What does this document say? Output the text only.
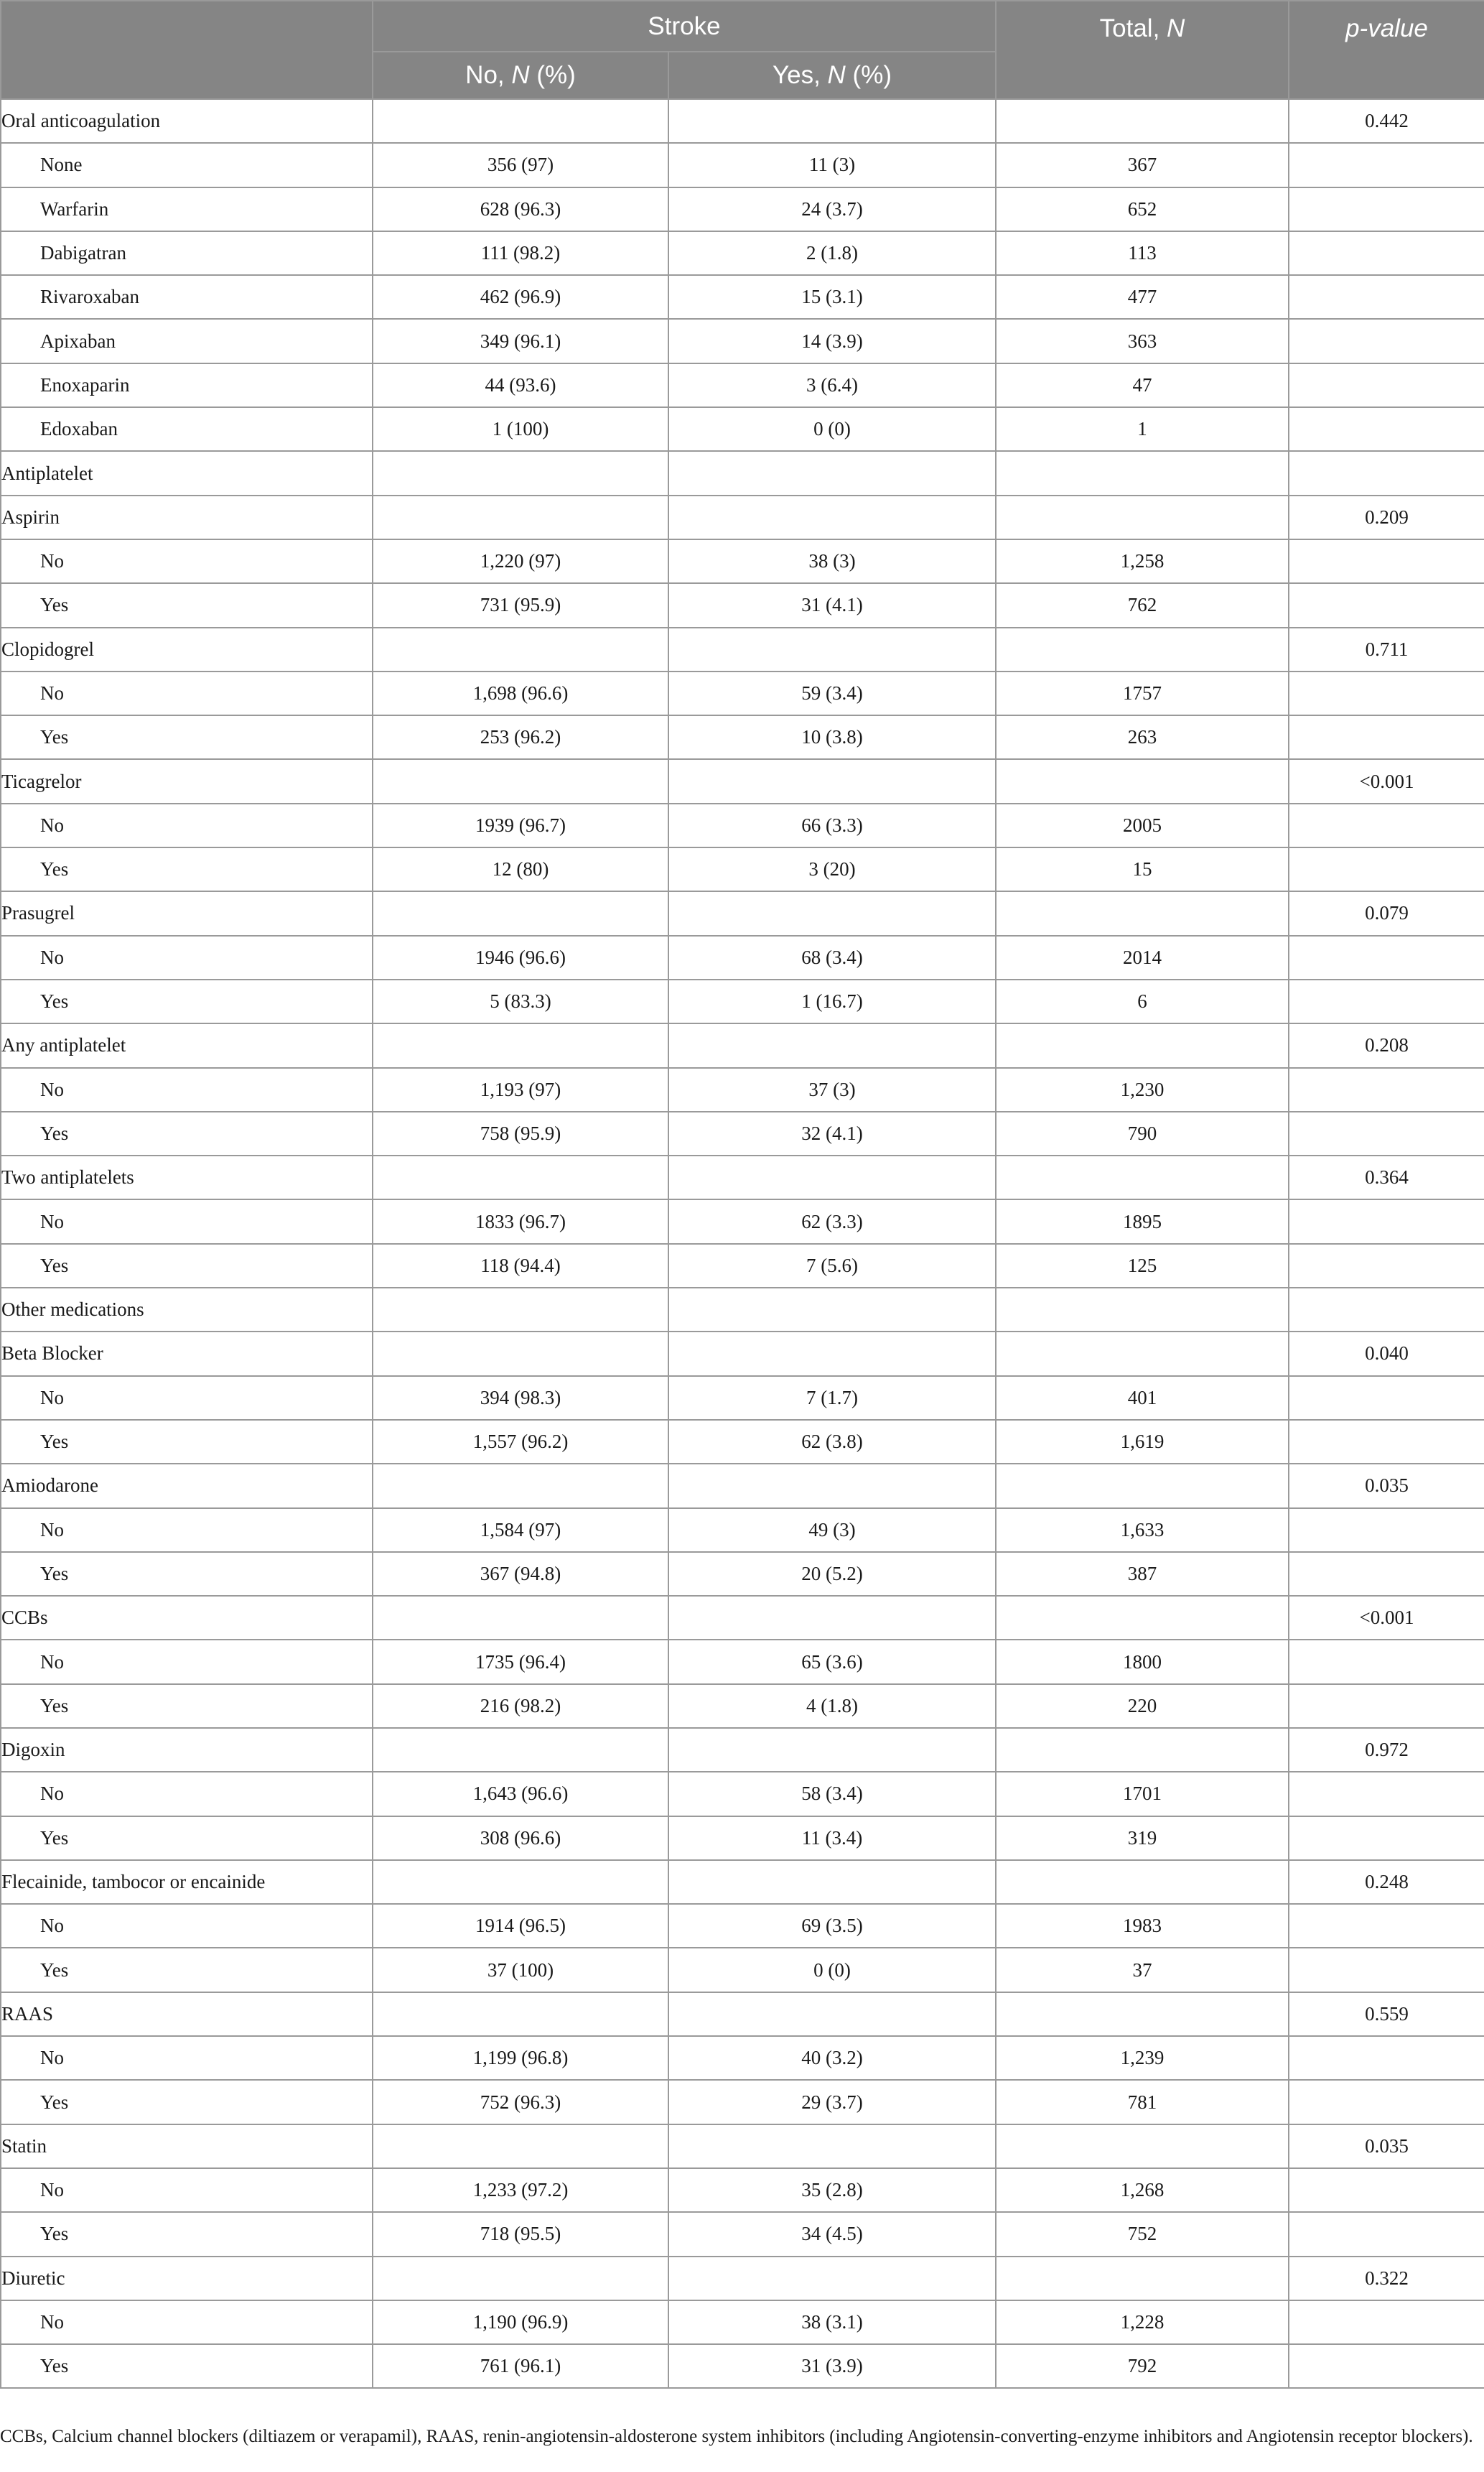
	Stroke		Total, N	p-value
	No, N (%)	Yes, N (%)		
Oral anticoagulation				0.442
None	356 (97)	11 (3)	367	
Warfarin	628 (96.3)	24 (3.7)	652	
Dabigatran	111 (98.2)	2 (1.8)	113	
Rivaroxaban	462 (96.9)	15 (3.1)	477	
Apixaban	349 (96.1)	14 (3.9)	363	
Enoxaparin	44 (93.6)	3 (6.4)	47	
Edoxaban	1 (100)	0 (0)	1	
Antiplatelet				
Aspirin				0.209
No	1,220 (97)	38 (3)	1,258	
Yes	731 (95.9)	31 (4.1)	762	
Clopidogrel				0.711
No	1,698 (96.6)	59 (3.4)	1757	
Yes	253 (96.2)	10 (3.8)	263	
Ticagrelor				<0.001
No	1939 (96.7)	66 (3.3)	2005	
Yes	12 (80)	3 (20)	15	
Prasugrel				0.079
No	1946 (96.6)	68 (3.4)	2014	
Yes	5 (83.3)	1 (16.7)	6	
Any antiplatelet				0.208
No	1,193 (97)	37 (3)	1,230	
Yes	758 (95.9)	32 (4.1)	790	
Two antiplatelets				0.364
No	1833 (96.7)	62 (3.3)	1895	
Yes	118 (94.4)	7 (5.6)	125	
Other medications				
Beta Blocker				0.040
No	394 (98.3)	7 (1.7)	401	
Yes	1,557 (96.2)	62 (3.8)	1,619	
Amiodarone				0.035
No	1,584 (97)	49 (3)	1,633	
Yes	367 (94.8)	20 (5.2)	387	
CCBs				<0.001
No	1735 (96.4)	65 (3.6)	1800	
Yes	216 (98.2)	4 (1.8)	220	
Digoxin				0.972
No	1,643 (96.6)	58 (3.4)	1701	
Yes	308 (96.6)	11 (3.4)	319	
Flecainide, tambocor or encainide				0.248
No	1914 (96.5)	69 (3.5)	1983	
Yes	37 (100)	0 (0)	37	
RAAS				0.559
No	1,199 (96.8)	40 (3.2)	1,239	
Yes	752 (96.3)	29 (3.7)	781	
Statin				0.035
No	1,233 (97.2)	35 (2.8)	1,268	
Yes	718 (95.5)	34 (4.5)	752	
Diuretic				0.322
No	1,190 (96.9)	38 (3.1)	1,228	
Yes	761 (96.1)	31 (3.9)	792	
CCBs, Calcium channel blockers (diltiazem or verapamil), RAAS, renin-angiotensin-aldosterone system inhibitors (including Angiotensin-converting-enzyme inhibitors and Angiotensin receptor blockers).
